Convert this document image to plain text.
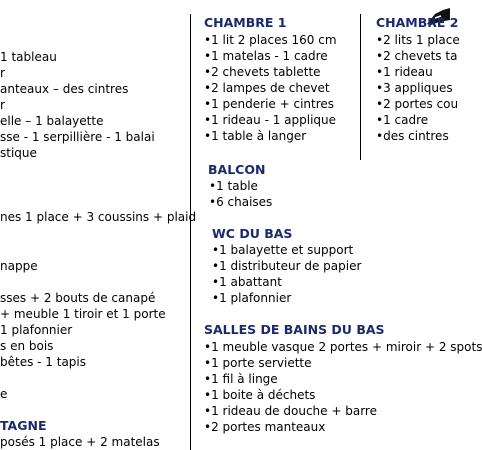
1 tableau
r
anteaux – des cintres
r
elle – 1 balayette
sse - 1 serpillière - 1 balai
stique
nes 1 place + 3 coussins + plaid
nappe
sses + 2 bouts de canapé
+ meuble 1 tiroir et 1 porte
1 plafonnier
s en bois
bêtes - 1 tapis
e
TAGNE
posés 1 place + 2 matelas
CHAMBRE 1
•1 lit 2 places 160 cm
•1 matelas - 1 cadre
•2 chevets tablette
•2 lampes de chevet
•1 penderie + cintres
•1 rideau - 1 applique
•1 table à langer
CHAMBRE 2
•2 lits 1 place
•2 chevets ta
•1 rideau
•3 appliques
•2 portes cou
•1 cadre
•des cintres
BALCON
•1 table
•6 chaises
WC DU BAS
•1 balayette et support
•1 distributeur de papier
•1 abattant
•1 plafonnier
SALLES DE BAINS DU BAS
•1 meuble vasque 2 portes + miroir + 2 spots
•1 porte serviette
•1 fil à linge
•1 boite à déchets
•1 rideau de douche + barre
•2 portes manteaux
